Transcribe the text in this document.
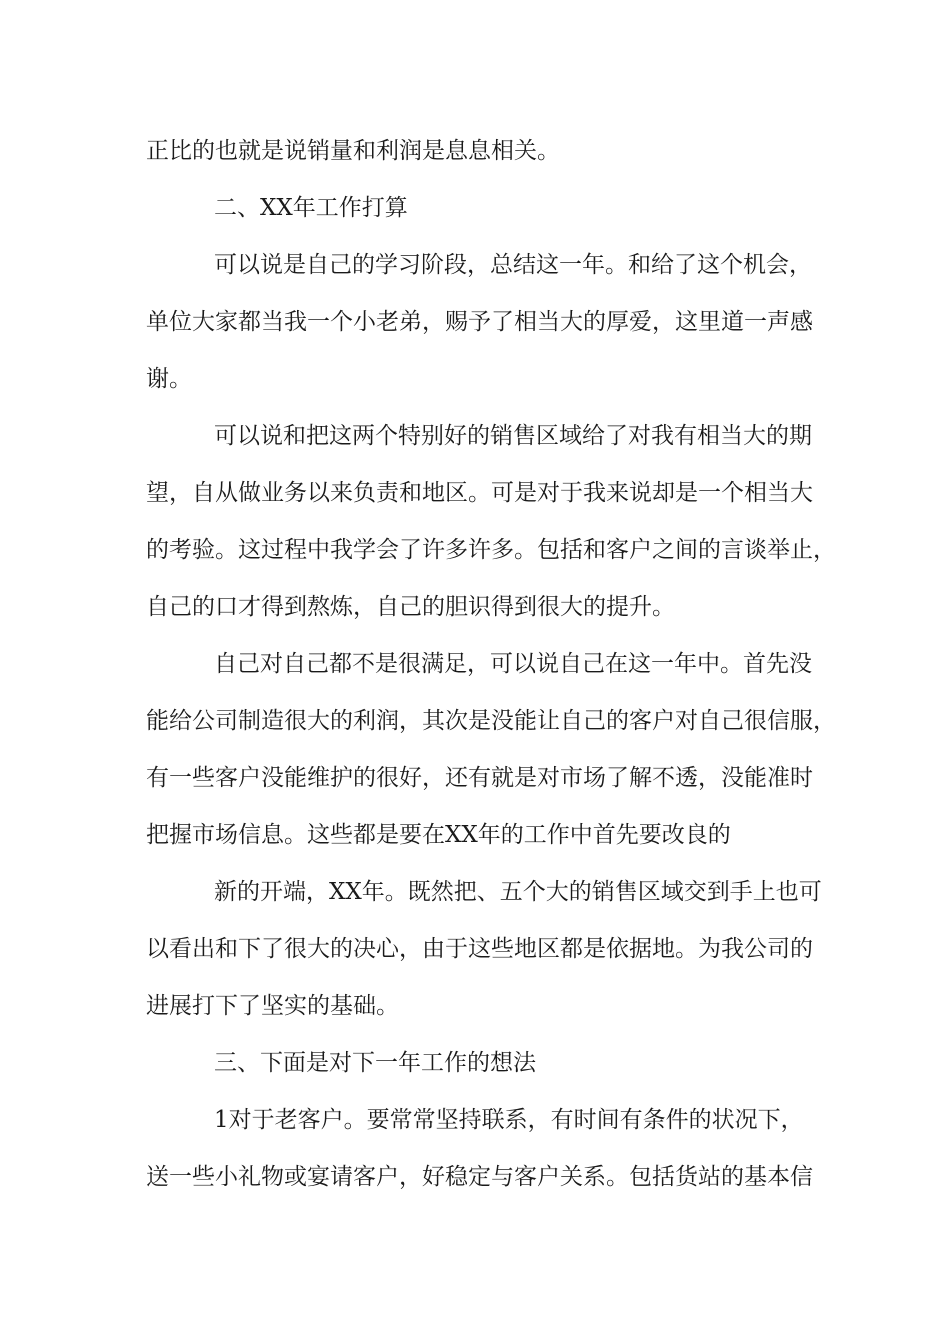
正比的也就是说销量和利润是息息相关。
二、XX年工作打算
可以说是自己的学习阶段，总结这一年。和给了这个机会，
单位大家都当我一个小老弟，赐予了相当大的厚爱，这里道一声感
谢。
可以说和把这两个特别好的销售区域给了对我有相当大的期
望，自从做业务以来负责和地区。可是对于我来说却是一个相当大
的考验。这过程中我学会了许多许多。包括和客户之间的言谈举止，
自己的口才得到熬炼，自己的胆识得到很大的提升。
自己对自己都不是很满足，可以说自己在这一年中。首先没
能给公司制造很大的利润，其次是没能让自己的客户对自己很信服，
有一些客户没能维护的很好，还有就是对市场了解不透，没能准时
把握市场信息。这些都是要在XX年的工作中首先要改良的
新的开端，XX年。既然把、五个大的销售区域交到手上也可
以看出和下了很大的决心，由于这些地区都是依据地。为我公司的
进展打下了坚实的基础。
三、下面是对下一年工作的想法
1对于老客户。要常常坚持联系，有时间有条件的状况下，
送一些小礼物或宴请客户，好稳定与客户关系。包括货站的基本信
